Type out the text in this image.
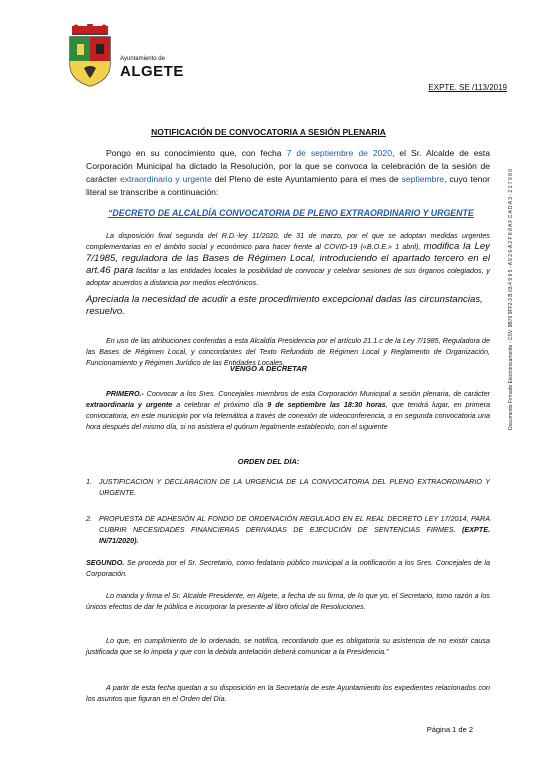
Ayuntamiento de
ALGETE
EXPTE. SE /113/2019
NOTIFICACIÓN DE CONVOCATORIA A SESIÓN PLENARIA
Pongo en su conocimiento que, con fecha 7 de septiembre de 2020, el Sr. Alcalde de esta Corporación Municipal ha dictado la Resolución, por la que se convoca la celebración de la sesión de carácter extraordinario y urgente del Pleno de este Ayuntamiento para el mes de septiembre, cuyo tenor literal se transcribe a continuación:
“DECRETO DE ALCALDÍA CONVOCATORIA DE PLENO EXTRAORDINARIO Y URGENTE
La disposición final segunda del R.D.-ley 11/2020, de 31 de marzo, por el que se adoptan medidas urgentes complementarias en el ámbito social y económico para hacer frente al COVID-19 («B.O.E.» 1 abril), modifica la Ley 7/1985, reguladora de las Bases de Régimen Local, introduciendo el apartado tercero en el art.46 para facilitar a las entidades locales la posibilidad de convocar y celebrar sesiones de sus órganos colegiados, y adoptar acuerdos a distancia por medios electrónicos.
Apreciada la necesidad de acudir a este procedimiento excepcional dadas las circunstancias, resuelvo.
En uso de las atribuciones conferidas a esta Alcaldía Presidencia por el artículo 21.1.c de la Ley 7/1985, Reguladora de las Bases de Régimen Local, y concordantes del Texto Refundido de Régimen Local y Reglamento de Organización, Funcionamiento y Régimen Jurídico de las Entidades Locales,
VENGO A DECRETAR
PRIMERO.- Convocar a los Sres. Concejales miembros de esta Corporación Municipal a sesión plenaria, de carácter extraordinaria y urgente a celebrar el próximo día 9 de septiembre las 18:30 horas, que tendrá lugar, en primera convocatoria, en este municipio por vía telemática a través de conexión de videoconferencia, o en segunda convocatoria una hora después del mismo día, si no asistiera el quórum legalmente establecido, con el siguiente
ORDEN DEL DÍA:
1. JUSTIFICACION Y DECLARACION DE LA URGENCIA DE LA CONVOCATORIA DEL PLENO EXTRAORDINARIO Y URGENTE.
2. PROPUESTA DE ADHESIÓN AL FONDO DE ORDENACIÓN REGULADO EN EL REAL DECRETO LEY 17/2014, PARA CUBRIR NECESIDADES FINANCIERAS DERIVADAS DE EJECUCIÓN DE SENTENCIAS FIRMES. (EXPTE. IN/71/2020).
SEGUNDO. Se proceda por el Sr. Secretario, como fedatario público municipal a la notificación a los Sres. Concejales de la Corporación.
Lo manda y firma el Sr. Alcalde Presidente, en Algete, a fecha de su firma, de lo que yo, el Secretario, tomo razón a los únicos efectos de dar fe pública e incorporar la presente al libro oficial de Resoluciones.
Lo que, en cumplimiento de lo ordenado, se notifica, recordando que es obligatoria su asistencia de no existir causa justificada que se lo impida y que con la debida antelación deberá comunicar a la Presidencia.”
A partir de esta fecha quedan a su disposición en la Secretaría de este Ayuntamiento los expedientes relacionados con los asuntos que figuran en el Orden del Día.
Página 1 de 2
Documento Firmado Electrónicamente - CSV: 9B76 9FF2-3 B 03-4 9 9 5 - A 9 2 6-A 2 F 8 8 A F C A D A 3 - 2 1 7 9 8 0
